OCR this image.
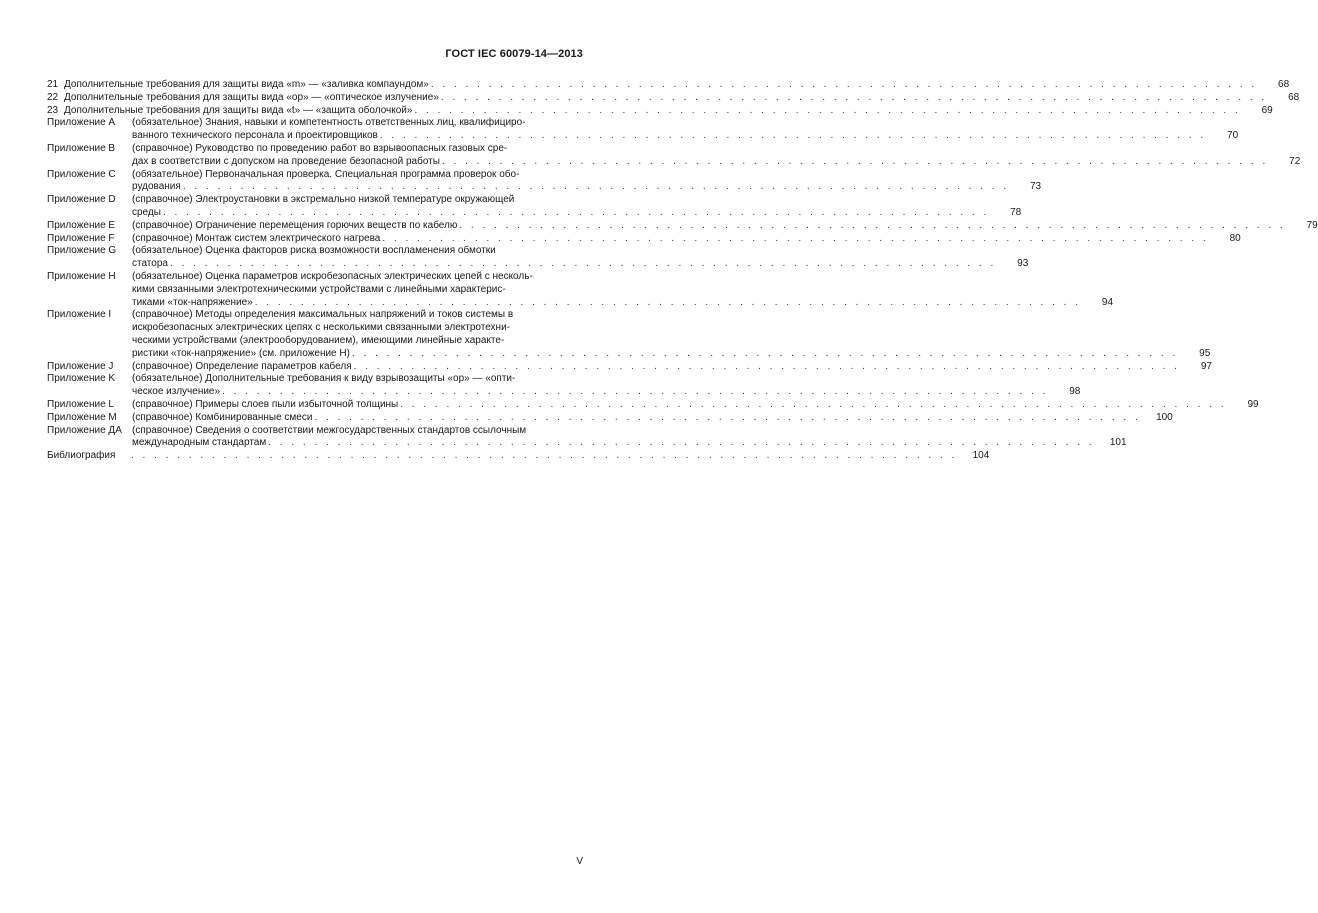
ГОСТ IEC 60079-14—2013
21 Дополнительные требования для защиты вида «m» — «заливка компаундом» . . . . . . . . . . . . . . . . . . . . . . . . . . . . . . . . . . . . . . . . . . . . . . . . . . . . . . . . . . . . . . . . . . . . . . . .	68
22 Дополнительные требования для защиты вида «op» — «оптическое излучение» . . . . . . . . . . . . . . . . . . . . . . . . . . . . . . . . . . . . . . . . . . . . . . . . . . . . . . . . . . . . . . . . . . . . . . . .	68
23 Дополнительные требования для защиты вида «t» — «защита оболочкой» . . . . . . . . . . . . . . . . . . . . . . . . . . . . . . . . . . . . . . . . . . . . . . . . . . . . . . . . . . . . . . . . . . . . . . . .	69
Приложение A	(обязательное) Знания, навыки и компетентность ответственных лиц, квалифициро-
ванного технического персонала и проектировщиков . . . . . . . . . . . . . . . . . . . . . . . . . . . . . . . . . . . . . . . . . . . . . . . . . . . . . . . . . . . . . . . . . . . . . . . .	70
Приложение B	(справочное) Руководство по проведению работ во взрывоопасных газовых сре-
дах в соответствии с допуском на проведение безопасной работы . . . . . . . . . . . . . . . . . . . . . . . . . . . . . . . . . . . . . . . . . . . . . . . . . . . . . . . . . . . . . . . . . . . . . . . .	72
Приложение C	(обязательное) Первоначальная проверка. Специальная программа проверок обо-
рудования . . . . . . . . . . . . . . . . . . . . . . . . . . . . . . . . . . . . . . . . . . . . . . . . . . . . . . . . . . . . . . . . . . . . . . . .	73
Приложение D	(справочное) Электроустановки в экстремально низкой температуре окружающей
среды . . . . . . . . . . . . . . . . . . . . . . . . . . . . . . . . . . . . . . . . . . . . . . . . . . . . . . . . . . . . . . . . . . . . . . . .	78
Приложение E	(справочное) Ограничение перемещения горючих веществ по кабелю . . . . . . . . . . . . . . . . . . . . . . . . . . . . . . . . . . . . . . . . . . . . . . . . . . . . . . . . . . . . . . . . . . . . . . . .	79
Приложение F	(справочное) Монтаж систем электрического нагрева . . . . . . . . . . . . . . . . . . . . . . . . . . . . . . . . . . . . . . . . . . . . . . . . . . . . . . . . . . . . . . . . . . . . . . . .	80
Приложение G	(обязательное) Оценка факторов риска возможности воспламенения обмотки
статора . . . . . . . . . . . . . . . . . . . . . . . . . . . . . . . . . . . . . . . . . . . . . . . . . . . . . . . . . . . . . . . . . . . . . . . .	93
Приложение H	(обязательное) Оценка параметров искробезопасных электрических цепей с несколь-
кими связанными электротехническими устройствами с линейными характерис-
тиками «ток-напряжение» . . . . . . . . . . . . . . . . . . . . . . . . . . . . . . . . . . . . . . . . . . . . . . . . . . . . . . . . . . . . . . . . . . . . . . . .	94
Приложение I	(справочное) Методы определения максимальных напряжений и токов системы в
искробезопасных электрических цепях с несколькими связанными электротехни-
ческими устройствами (электрооборудованием), имеющими линейные характе-
ристики «ток-напряжение» (см. приложение H) . . . . . . . . . . . . . . . . . . . . . . . . . . . . . . . . . . . . . . . . . . . . . . . . . . . . . . . . . . . . . . . . . . . . . . . .	95
Приложение J	(справочное) Определение параметров кабеля . . . . . . . . . . . . . . . . . . . . . . . . . . . . . . . . . . . . . . . . . . . . . . . . . . . . . . . . . . . . . . . . . . . . . . . .	97
Приложение K	(обязательное) Дополнительные требования к виду взрывозащиты «op» — «опти-
ческое излучение» . . . . . . . . . . . . . . . . . . . . . . . . . . . . . . . . . . . . . . . . . . . . . . . . . . . . . . . . . . . . . . . . . . . . . . . .	98
Приложение L	(справочное) Примеры слоев пыли избыточной толщины . . . . . . . . . . . . . . . . . . . . . . . . . . . . . . . . . . . . . . . . . . . . . . . . . . . . . . . . . . . . . . . . . . . . . . . .	99
Приложение M	(справочное) Комбинированные смеси . . . . . . . . . . . . . . . . . . . . . . . . . . . . . . . . . . . . . . . . . . . . . . . . . . . . . . . . . . . . . . . . . . . . . . . .	100
Приложение ДА	(справочное) Сведения о соответствии межгосударственных стандартов ссылочным
международным стандартам . . . . . . . . . . . . . . . . . . . . . . . . . . . . . . . . . . . . . . . . . . . . . . . . . . . . . . . . . . . . . . . . . . . . . . . .	101
Библиография	. . . . . . . . . . . . . . . . . . . . . . . . . . . . . . . . . . . . . . . . . . . . . . . . . . . . . . . . . . . . . . . . . . . . . . . .	104
V
